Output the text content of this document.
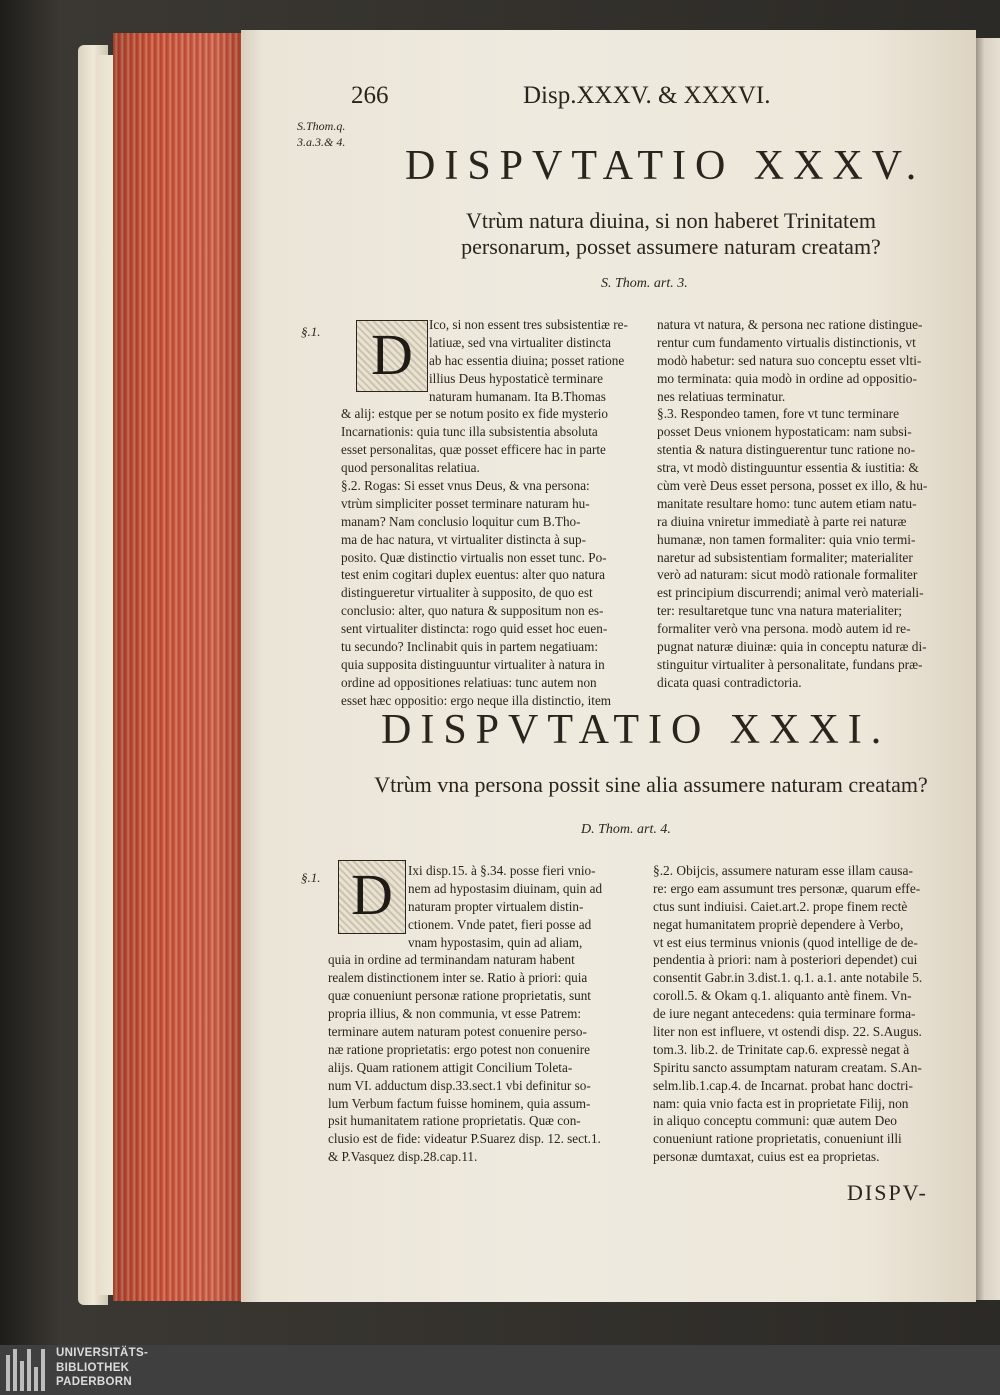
266	Disp.XXXV. & XXXVI.
S.Thom.q.
3.a.3.& 4.
DISPVTATIO XXXV.
Vtrùm natura diuina, si non haberet Trinitatem personarum, posset assumere naturam creatam?
S. Thom. art. 3.
§.1. D	Ico, si non essent tres subsistentiæ re-
latiuæ, sed vna virtualiter distincta
ab hac essentia diuina; posset ratione
illius Deus hypostaticè terminare
naturam humanam. Ita B.Thomas
& alij: estque per se notum posito ex fide mysterio
Incarnationis: quia tunc illa subsistentia absoluta
esset personalitas, quæ posset efficere hac in parte
quod personalitas relatiua.
§.2. Rogas: Si esset vnus Deus, & vna persona:
vtrùm simpliciter posset terminare naturam hu-
manam? Nam conclusio loquitur cum B.Tho-
ma de hac natura, vt virtualiter distincta à sup-
posito. Quæ distinctio virtualis non esset tunc. Po-
test enim cogitari duplex euentus: alter quo natura
distingueretur virtualiter à supposito, de quo est
conclusio: alter, quo natura & suppositum non es-
sent virtualiter distincta: rogo quid esset hoc euen-
tu secundo? Inclinabit quis in partem negatiuam:
quia supposita distinguuntur virtualiter à natura in
ordine ad oppositiones relatiuas: tunc autem non
esset hæc oppositio: ergo neque illa distinctio, item
natura vt natura, & persona nec ratione distingue-
rentur cum fundamento virtualis distinctionis, vt
modò habetur: sed natura suo conceptu esset vlti-
mo terminata: quia modò in ordine ad oppositio-
nes relatiuas terminatur.
§.3. Respondeo tamen, fore vt tunc terminare
posset Deus vnionem hypostaticam: nam subsi-
stentia & natura distinguerentur tunc ratione no-
stra, vt modò distinguuntur essentia & iustitia: &
cùm verè Deus esset persona, posset ex illo, & hu-
manitate resultare homo: tunc autem etiam natu-
ra diuina vniretur immediatè à parte rei naturæ
humanæ, non tamen formaliter: quia vnio termi-
naretur ad subsistentiam formaliter; materialiter
verò ad naturam: sicut modò rationale formaliter
est principium discurrendi; animal verò materiali-
ter: resultaretque tunc vna natura materialiter;
formaliter verò vna persona. modò autem id re-
pugnat naturæ diuinæ: quia in conceptu naturæ di-
stinguitur virtualiter à personalitate, fundans præ-
dicata quasi contradictoria.
DISPVTATIO XXXI.
Vtrùm vna persona possit sine alia assumere naturam creatam?
D. Thom. art. 4.
§.1. D	Ixi disp.15. à §.34. posse fieri vnio-
nem ad hypostasim diuinam, quin ad
naturam propter virtualem distin-
ctionem. Vnde patet, fieri posse ad
vnam hypostasim, quin ad aliam,
quia in ordine ad terminandam naturam habent
realem distinctionem inter se. Ratio à priori: quia
quæ conueniunt personæ ratione proprietatis, sunt
propria illius, & non communia, vt esse Patrem:
terminare autem naturam potest conuenire perso-
næ ratione proprietatis: ergo potest non conuenire
alijs. Quam rationem attigit Concilium Toleta-
num VI. adductum disp.33.sect.1 vbi definitur so-
lum Verbum factum fuisse hominem, quia assum-
psit humanitatem ratione proprietatis. Quæ con-
clusio est de fide: videatur P.Suarez disp. 12. sect.1.
& P.Vasquez disp.28.cap.11.
§.2. Obijcis, assumere naturam esse illam causa-
re: ergo eam assumunt tres personæ, quarum effe-
ctus sunt indiuisi. Caiet.art.2. prope finem rectè
negat humanitatem propriè dependere à Verbo,
vt est eius terminus vnionis (quod intellige de de-
pendentia à priori: nam à posteriori dependet) cui
consentit Gabr.in 3.dist.1. q.1. a.1. ante notabile 5.
coroll.5. & Okam q.1. aliquanto antè finem. Vn-
de iure negant antecedens: quia terminare forma-
liter non est influere, vt ostendi disp. 22. S.Augus.
tom.3. lib.2. de Trinitate cap.6. expressè negat à
Spiritu sancto assumptam naturam creatam. S.An-
selm.lib.1.cap.4. de Incarnat. probat hanc doctri-
nam: quia vnio facta est in proprietate Filij, non
in aliquo conceptu communi: quæ autem Deo
conueniunt ratione proprietatis, conueniunt illi
personæ dumtaxat, cuius est ea proprietas.
DISPV-
UNIVERSITÄTS-
BIBLIOTHEK
PADERBORN
